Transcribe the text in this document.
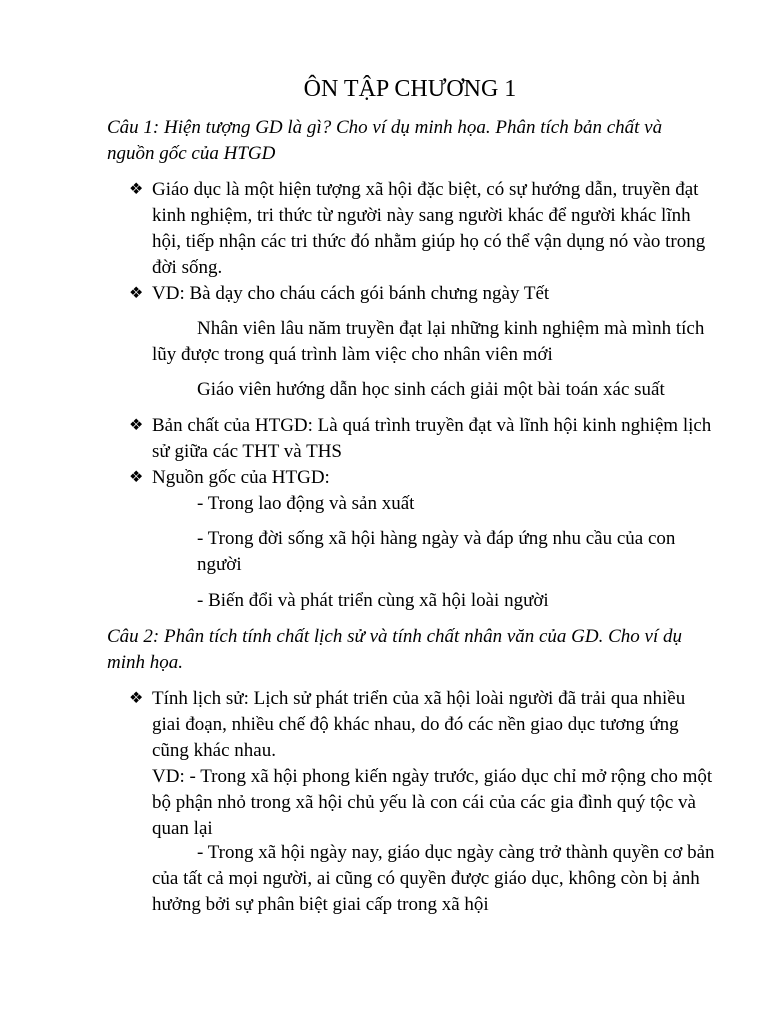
ÔN TẬP CHƯƠNG 1

Câu 1: Hiện tượng GD là gì? Cho ví dụ minh họa. Phân tích bản chất và nguồn gốc của HTGD

❖ Giáo dục là một hiện tượng xã hội đặc biệt, có sự hướng dẫn, truyền đạt kinh nghiệm, tri thức từ người này sang người khác để người khác lĩnh hội, tiếp nhận các tri thức đó nhằm giúp họ có thể vận dụng nó vào trong đời sống.
❖ VD: Bà dạy cho cháu cách gói bánh chưng ngày Tết
Nhân viên lâu năm truyền đạt lại những kinh nghiệm mà mình tích lũy được trong quá trình làm việc cho nhân viên mới
Giáo viên hướng dẫn học sinh cách giải một bài toán xác suất
❖ Bản chất của HTGD: Là quá trình truyền đạt và lĩnh hội kinh nghiệm lịch sử giữa các THT và THS
❖ Nguồn gốc của HTGD:
- Trong lao động và sản xuất
- Trong đời sống xã hội hàng ngày và đáp ứng nhu cầu của con người
- Biến đổi và phát triển cùng xã hội loài người

Câu 2: Phân tích tính chất lịch sử và tính chất nhân văn của GD. Cho ví dụ minh họa.

❖ Tính lịch sử: Lịch sử phát triển của xã hội loài người đã trải qua nhiều giai đoạn, nhiều chế độ khác nhau, do đó các nền giao dục tương ứng cũng khác nhau.
VD: - Trong xã hội phong kiến ngày trước, giáo dục chỉ mở rộng cho một bộ phận nhỏ trong xã hội chủ yếu là con cái của các gia đình quý tộc và quan lại
- Trong xã hội ngày nay, giáo dục ngày càng trở thành quyền cơ bản của tất cả mọi người, ai cũng có quyền được giáo dục, không còn bị ảnh hưởng bởi sự phân biệt giai cấp trong xã hội
